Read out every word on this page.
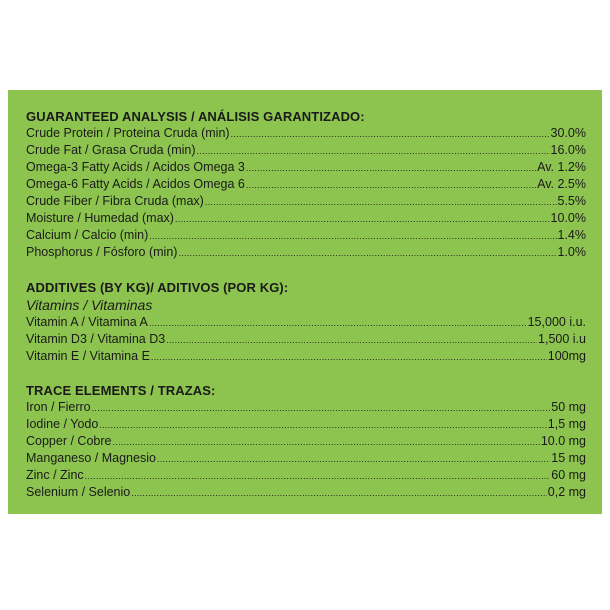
GUARANTEED ANALYSIS / ANÁLISIS GARANTIZADO:
Crude Protein / Proteina Cruda (min) .....	30.0%
Crude Fat / Grasa Cruda (min) .....	16.0%
Omega-3 Fatty Acids / Acidos Omega 3 .....	Av. 1.2%
Omega-6 Fatty Acids / Acidos Omega 6 .....	Av. 2.5%
Crude Fiber / Fibra Cruda (max) .....	5.5%
Moisture / Humedad (max) .....	10.0%
Calcium / Calcio (min) .....	1.4%
Phosphorus / Fósforo (min) .....	1.0%
ADDITIVES (BY KG)/ ADITIVOS (POR KG):
Vitamins / Vitaminas
Vitamin A / Vitamina A .....	15,000 i.u.
Vitamin D3 / Vitamina D3 .....	1,500 i.u
Vitamin E / Vitamina E .....	100mg
TRACE ELEMENTS / TRAZAS:
Iron / Fierro .....	50 mg
Iodine / Yodo .....	1,5 mg
Copper / Cobre .....	10.0 mg
Manganeso / Magnesio .....	15 mg
Zinc / Zinc .....	60 mg
Selenium / Selenio .....	0,2 mg
